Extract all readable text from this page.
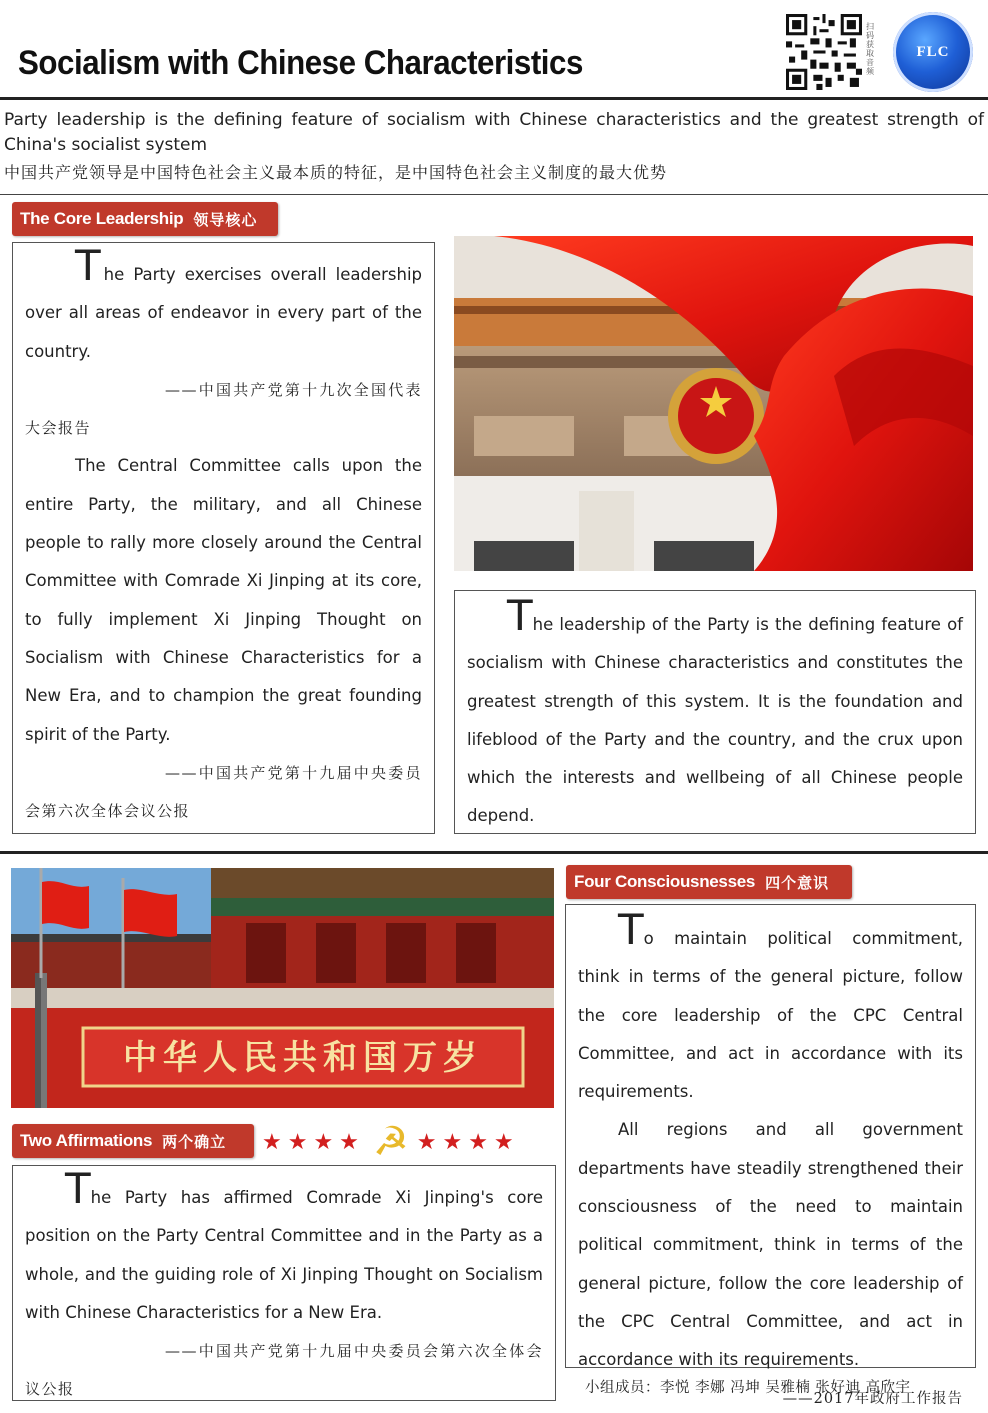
Socialism with Chinese Characteristics
扫码获取音频
FLC
Party leadership is the defining feature of socialism with Chinese characteristics and the greatest strength of China's socialist system
中国共产党领导是中国特色社会主义最本质的特征，是中国特色社会主义制度的最大优势
The Core Leadership 领导核心
The Party exercises overall leadership over all areas of endeavor in every part of the country.
——中国共产党第十九次全国代表大会报告
The Central Committee calls upon the entire Party, the military, and all Chinese people to rally more closely around the Central Committee with Comrade Xi Jinping at its core, to fully implement Xi Jinping Thought on Socialism with Chinese Characteristics for a New Era, and to champion the great founding spirit of the Party.
——中国共产党第十九届中央委员会第六次全体会议公报
The leadership of the Party is the defining feature of socialism with Chinese characteristics and constitutes the greatest strength of this system. It is the foundation and lifeblood of the Party and the country, and the crux upon which the interests and wellbeing of all Chinese people depend.
中华人民共和国万岁
Two Affirmations 两个确立 ★★★★ ☭ ★★★★
The Party has affirmed Comrade Xi Jinping's core position on the Party Central Committee and in the Party as a whole, and the guiding role of Xi Jinping Thought on Socialism with Chinese Characteristics for a New Era.
——中国共产党第十九届中央委员会第六次全体会议公报
Four Consciousnesses 四个意识
To maintain political commitment, think in terms of the general picture, follow the core leadership of the CPC Central Committee, and act in accordance with its requirements.
All regions and all government departments have steadily strengthened their consciousness of the need to maintain political commitment, think in terms of the general picture, follow the core leadership of the CPC Central Committee, and act in accordance with its requirements.
——2017年政府工作报告
小组成员：李悦 李娜 冯坤 吴雅楠 张好迪 高欣宇
